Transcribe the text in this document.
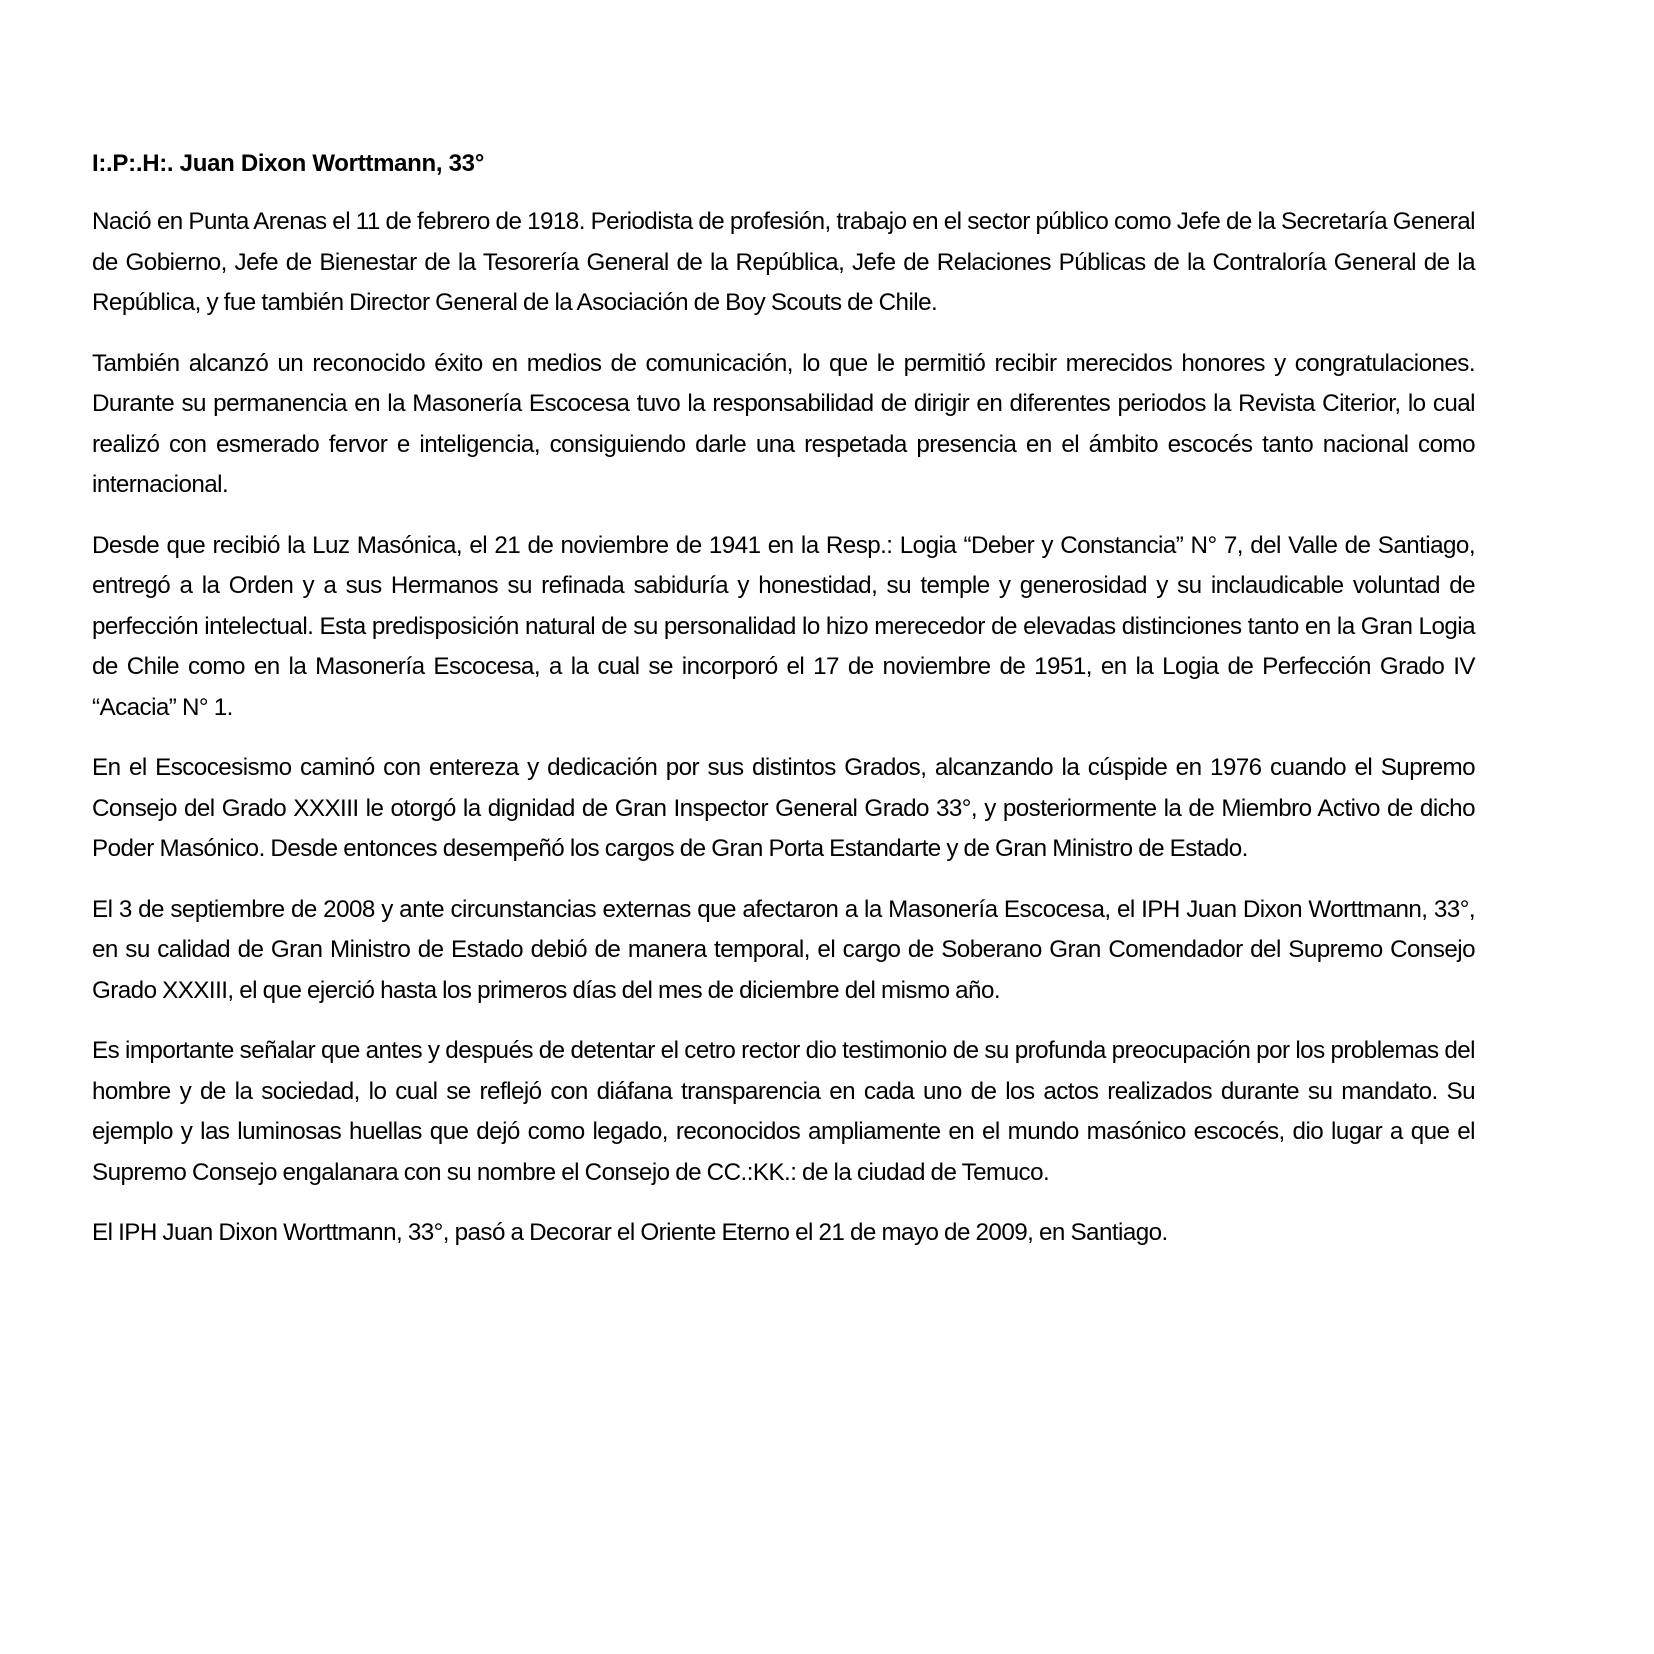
I:.P:.H:. Juan Dixon Worttmann, 33°

Nació en Punta Arenas el 11 de febrero de 1918. Periodista de profesión, trabajo en el sector público como Jefe de la Secretaría General de Gobierno, Jefe de Bienestar de la Tesorería General de la República, Jefe de Relaciones Públicas de la Contraloría General de la República, y fue también Director General de la Asociación de Boy Scouts de Chile.

También alcanzó un reconocido éxito en medios de comunicación, lo que le permitió recibir merecidos honores y congratulaciones. Durante su permanencia en la Masonería Escocesa tuvo la responsabilidad de dirigir en diferentes periodos la Revista Citerior, lo cual realizó con esmerado fervor e inteligencia, consiguiendo darle una respetada presencia en el ámbito escocés tanto nacional como internacional.

Desde que recibió la Luz Masónica, el 21 de noviembre de 1941 en la Resp.: Logia “Deber y Constancia” N° 7, del Valle de Santiago, entregó a la Orden y a sus Hermanos su refinada sabiduría y honestidad, su temple y generosidad y su inclaudicable voluntad de perfección intelectual. Esta predisposición natural de su personalidad lo hizo merecedor de elevadas distinciones tanto en la Gran Logia de Chile como en la Masonería Escocesa, a la cual se incorporó el 17 de noviembre de 1951, en la Logia de Perfección Grado IV “Acacia” N° 1.

En el Escocesismo caminó con entereza y dedicación por sus distintos Grados, alcanzando la cúspide en 1976 cuando el Supremo Consejo del Grado XXXIII le otorgó la dignidad de Gran Inspector General Grado 33°, y posteriormente la de Miembro Activo de dicho Poder Masónico. Desde entonces desempeñó los cargos de Gran Porta Estandarte y de Gran Ministro de Estado.

El 3 de septiembre de 2008 y ante circunstancias externas que afectaron a la Masonería Escocesa, el IPH Juan Dixon Worttmann, 33°, en su calidad de Gran Ministro de Estado debió de manera temporal, el cargo de Soberano Gran Comendador del Supremo Consejo Grado XXXIII, el que ejerció hasta los primeros días del mes de diciembre del mismo año.

Es importante señalar que antes y después de detentar el cetro rector dio testimonio de su profunda preocupación por los problemas del hombre y de la sociedad, lo cual se reflejó con diáfana transparencia en cada uno de los actos realizados durante su mandato. Su ejemplo y las luminosas huellas que dejó como legado, reconocidos ampliamente en el mundo masónico escocés, dio lugar a que el Supremo Consejo engalanara con su nombre el Consejo de CC.:KK.: de la ciudad de Temuco.

El IPH Juan Dixon Worttmann, 33°, pasó a Decorar el Oriente Eterno el 21 de mayo de 2009, en Santiago.
